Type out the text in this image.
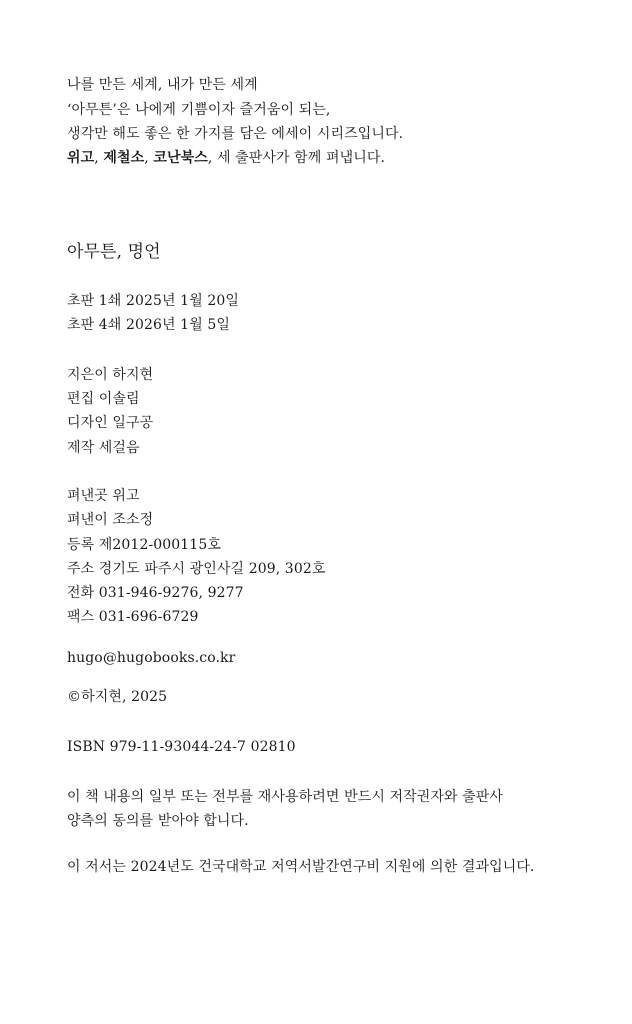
나를 만든 세계, 내가 만든 세계
‘아무튼’은 나에게 기쁨이자 즐거움이 되는,
생각만 해도 좋은 한 가지를 담은 에세이 시리즈입니다.
위고, 제철소, 코난북스, 세 출판사가 함께 펴냅니다.
아무튼, 명언
초판 1쇄 2025년 1월 20일
초판 4쇄 2026년 1월 5일
지은이 하지현
편집 이솔림
디자인 일구공
제작 세걸음
펴낸곳 위고
펴낸이 조소정
등록 제2012-000115호
주소 경기도 파주시 광인사길 209, 302호
전화 031-946-9276, 9277
팩스 031-696-6729
hugo@hugobooks.co.kr
©하지현, 2025
ISBN 979-11-93044-24-7 02810
이 책 내용의 일부 또는 전부를 재사용하려면 반드시 저작권자와 출판사
양측의 동의를 받아야 합니다.
이 저서는 2024년도 건국대학교 저역서발간연구비 지원에 의한 결과입니다.
